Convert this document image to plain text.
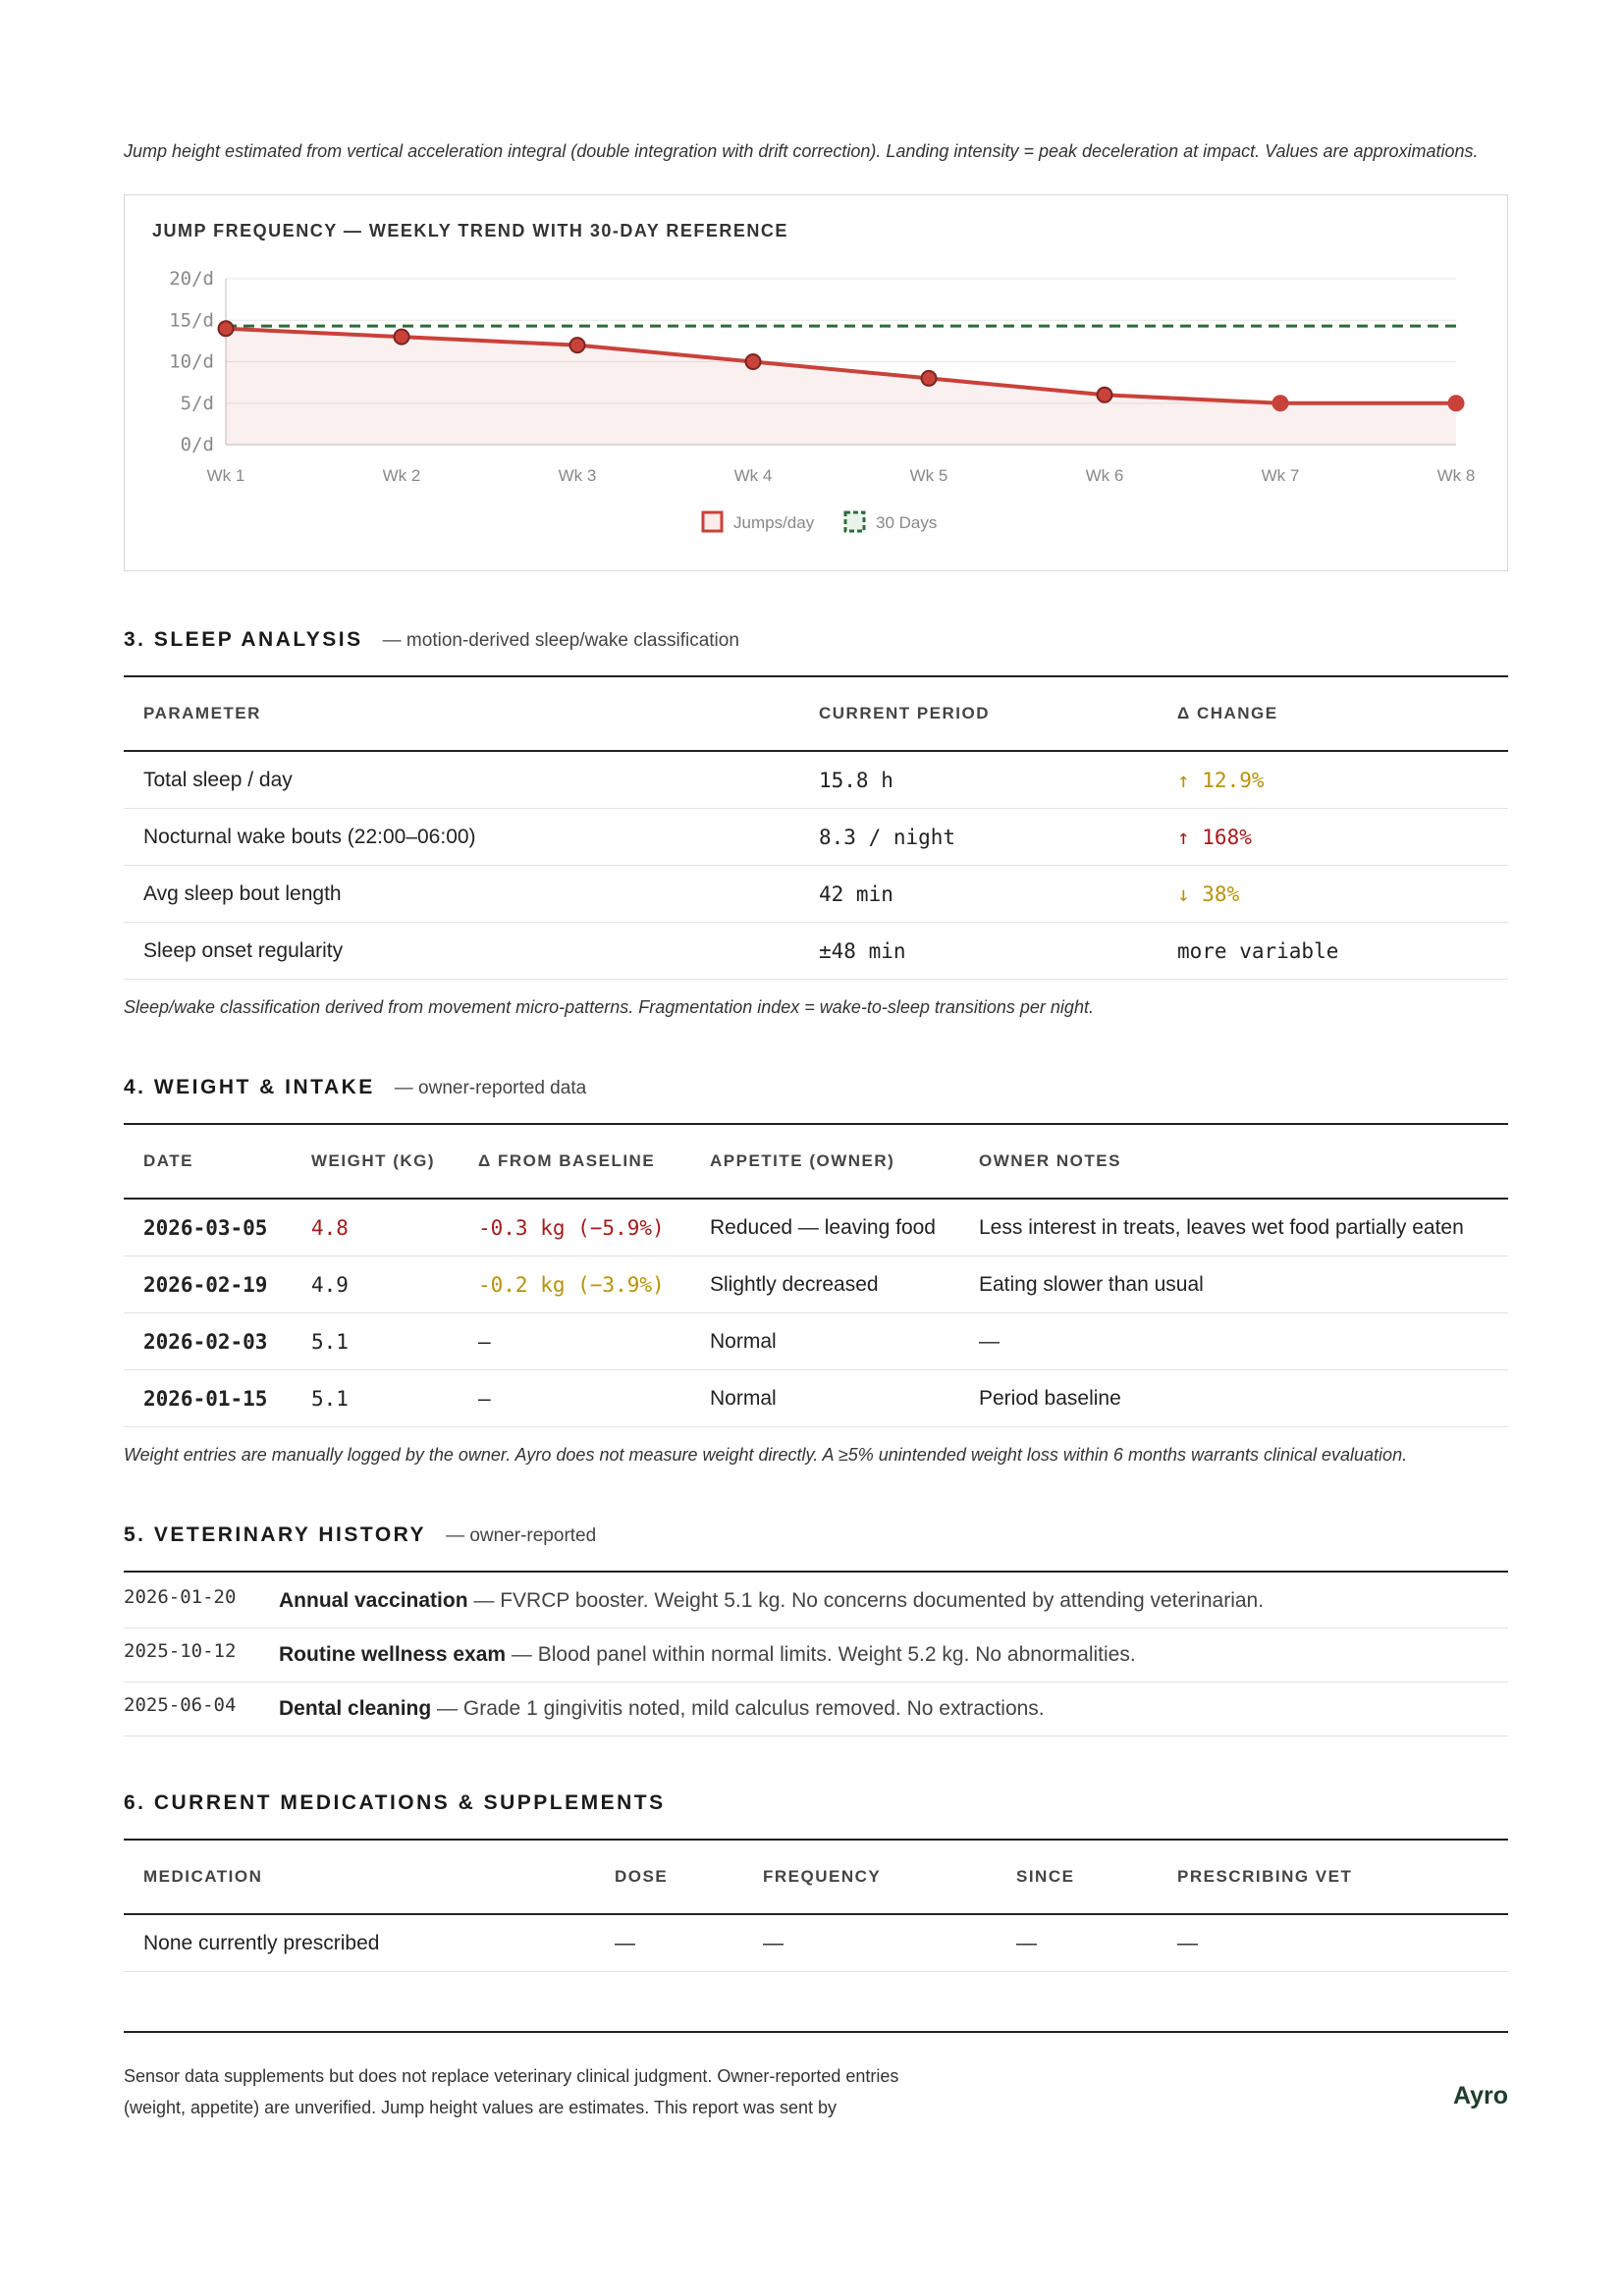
Jump height estimated from vertical acceleration integral (double integration with drift correction). Landing intensity = peak deceleration at impact. Values are approximations.

JUMP FREQUENCY — WEEKLY TREND WITH 30-DAY REFERENCE
0/d
5/d
10/d
15/d
20/d
Wk 1	Wk 2	Wk 3	Wk 4	Wk 5	Wk 6	Wk 7	Wk 8
Jumps/day	30 Days
3. SLEEP ANALYSIS — motion-derived sleep/wake classification
PARAMETER	CURRENT PERIOD	Δ CHANGE
Total sleep / day	15.8 h	↑ 12.9%
Nocturnal wake bouts (22:00–06:00)	8.3 / night	↑ 168%
Avg sleep bout length	42 min	↓ 38%
Sleep onset regularity	±48 min	more variable
Sleep/wake classification derived from movement micro-patterns. Fragmentation index = wake-to-sleep transitions per night.
4. WEIGHT & INTAKE — owner-reported data
DATE	WEIGHT (KG)	Δ FROM BASELINE	APPETITE (OWNER)	OWNER NOTES
2026-03-05	4.8	-0.3 kg (−5.9%)	Reduced — leaving food	Less interest in treats, leaves wet food partially eaten
2026-02-19	4.9	-0.2 kg (−3.9%)	Slightly decreased	Eating slower than usual
2026-02-03	5.1	—	Normal	—
2026-01-15	5.1	—	Normal	Period baseline
Weight entries are manually logged by the owner. Ayro does not measure weight directly. A ≥5% unintended weight loss within 6 months warrants clinical evaluation.
5. VETERINARY HISTORY — owner-reported
2026-01-20	Annual vaccination — FVRCP booster. Weight 5.1 kg. No concerns documented by attending veterinarian.
2025-10-12	Routine wellness exam — Blood panel within normal limits. Weight 5.2 kg. No abnormalities.
2025-06-04	Dental cleaning — Grade 1 gingivitis noted, mild calculus removed. No extractions.
6. CURRENT MEDICATIONS & SUPPLEMENTS
MEDICATION	DOSE	FREQUENCY	SINCE	PRESCRIBING VET
None currently prescribed	—	—	—	—
Sensor data supplements but does not replace veterinary clinical judgment. Owner-reported entries (weight, appetite) are unverified. Jump height values are estimates. This report was sent by	Ayro
